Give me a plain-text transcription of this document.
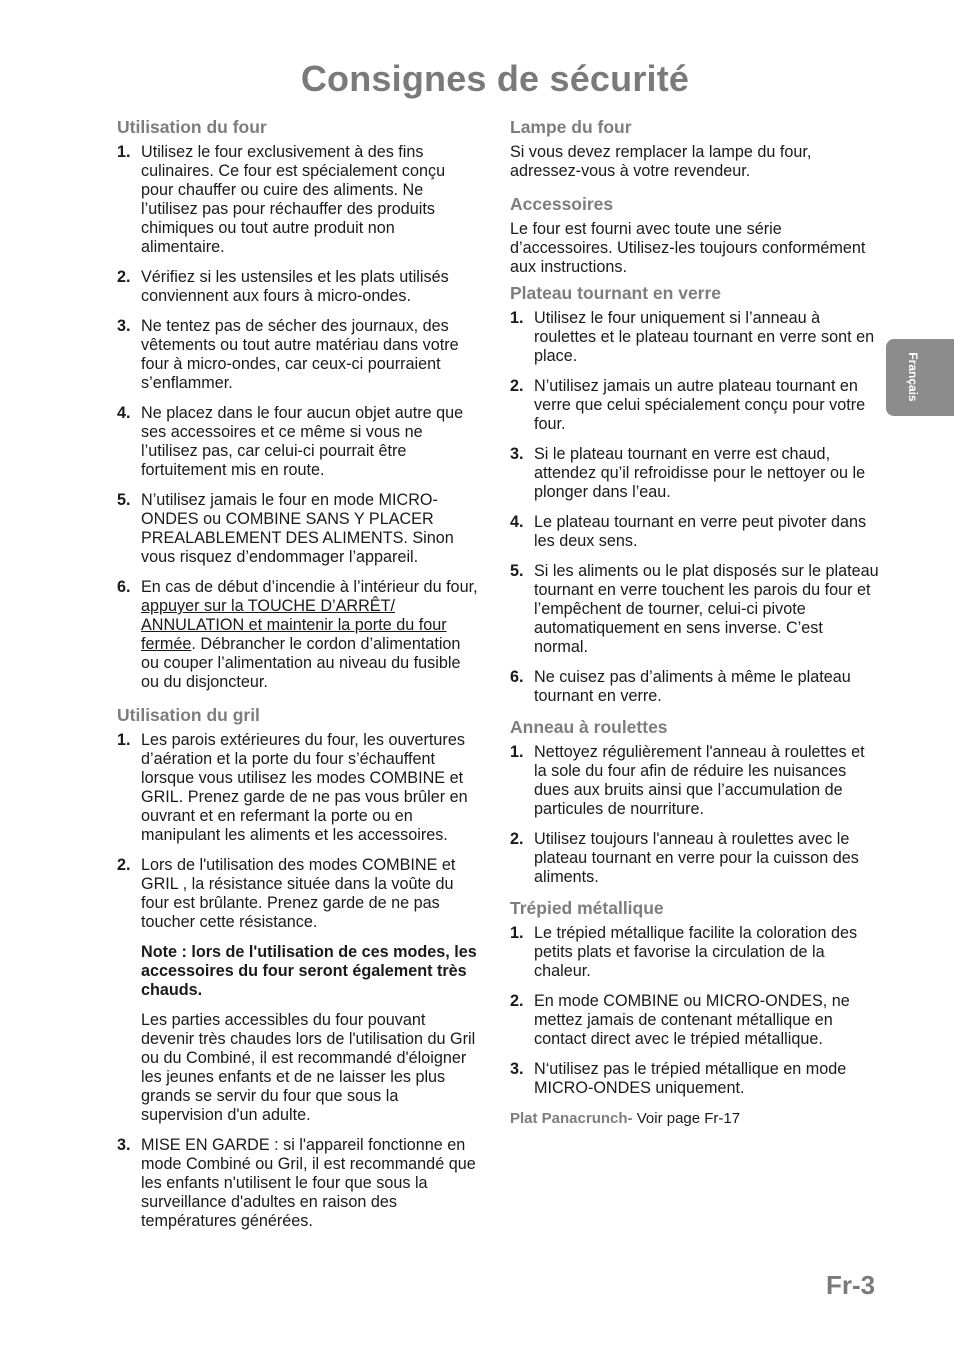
Consignes de sécurité
Français
Utilisation du four
1. Utilisez le four exclusivement à des fins culinaires. Ce four est spécialement conçu pour chauffer ou cuire des aliments. Ne l’utilisez pas pour réchauffer des produits chimiques ou tout autre produit non alimentaire.
2. Vérifiez si les ustensiles et les plats utilisés conviennent aux fours à micro-ondes.
3. Ne tentez pas de sécher des journaux, des vêtements ou tout autre matériau dans votre four à micro-ondes, car ceux-ci pourraient s’enflammer.
4. Ne placez dans le four aucun objet autre que ses accessoires et ce même si vous ne l’utilisez pas, car celui-ci pourrait être fortuitement mis en route.
5. N’utilisez jamais le four en mode MICRO-ONDES ou COMBINE SANS Y PLACER PREALABLEMENT DES ALIMENTS. Sinon vous risquez d’endommager l’appareil.
6. En cas de début d’incendie à l’intérieur du four, appuyer sur la TOUCHE D’ARRÊT/ ANNULATION et maintenir la porte du four fermée. Débrancher le cordon d’alimentation ou couper l’alimentation au niveau du fusible ou du disjoncteur.
Utilisation du gril
1. Les parois extérieures du four, les ouvertures d’aération et la porte du four s’échauffent lorsque vous utilisez les modes COMBINE et GRIL. Prenez garde de ne pas vous brûler en ouvrant et en refermant la porte ou en manipulant les aliments et les accessoires.
2. Lors de l'utilisation des modes COMBINE et GRIL , la résistance située dans la voûte du four est brûlante. Prenez garde de ne pas toucher cette résistance.
Note : lors de l'utilisation de ces modes, les accessoires du four seront également très chauds.
Les parties accessibles du four pouvant devenir très chaudes lors de l'utilisation du Gril ou du Combiné, il est recommandé d'éloigner les jeunes enfants et de ne laisser les plus grands se servir du four que sous la supervision d'un adulte.
3. MISE EN GARDE : si l'appareil fonctionne en mode Combiné ou Gril, il est recommandé que les enfants n'utilisent le four que sous la surveillance d'adultes en raison des températures générées.
Lampe du four
Si vous devez remplacer la lampe du four, adressez-vous à votre revendeur.
Accessoires
Le four est fourni avec toute une série d’accessoires. Utilisez-les toujours conformément aux instructions.
Plateau tournant en verre
1. Utilisez le four uniquement si l’anneau à roulettes et le plateau tournant en verre sont en place.
2. N’utilisez jamais un autre plateau tournant en verre que celui spécialement conçu pour votre four.
3. Si le plateau tournant en verre est chaud, attendez qu’il refroidisse pour le nettoyer ou le plonger dans l’eau.
4. Le plateau tournant en verre peut pivoter dans les deux sens.
5. Si les aliments ou le plat disposés sur le plateau tournant en verre touchent les parois du four et l’empêchent de tourner, celui-ci pivote automatiquement en sens inverse. C’est normal.
6. Ne cuisez pas d’aliments à même le plateau tournant en verre.
Anneau à roulettes
1. Nettoyez régulièrement l'anneau à roulettes et la sole du four afin de réduire les nuisances dues aux bruits ainsi que l’accumulation de particules de nourriture.
2. Utilisez toujours l'anneau à roulettes avec le plateau tournant en verre pour la cuisson des aliments.
Trépied métallique
1. Le trépied métallique facilite la coloration des petits plats et favorise la circulation de la chaleur.
2. En mode COMBINE ou MICRO-ONDES, ne mettez jamais de contenant métallique en contact direct avec le trépied métallique.
3. N‘utilisez pas le trépied métallique en mode MICRO-ONDES uniquement.
Plat Panacrunch- Voir page Fr-17
Fr-3
